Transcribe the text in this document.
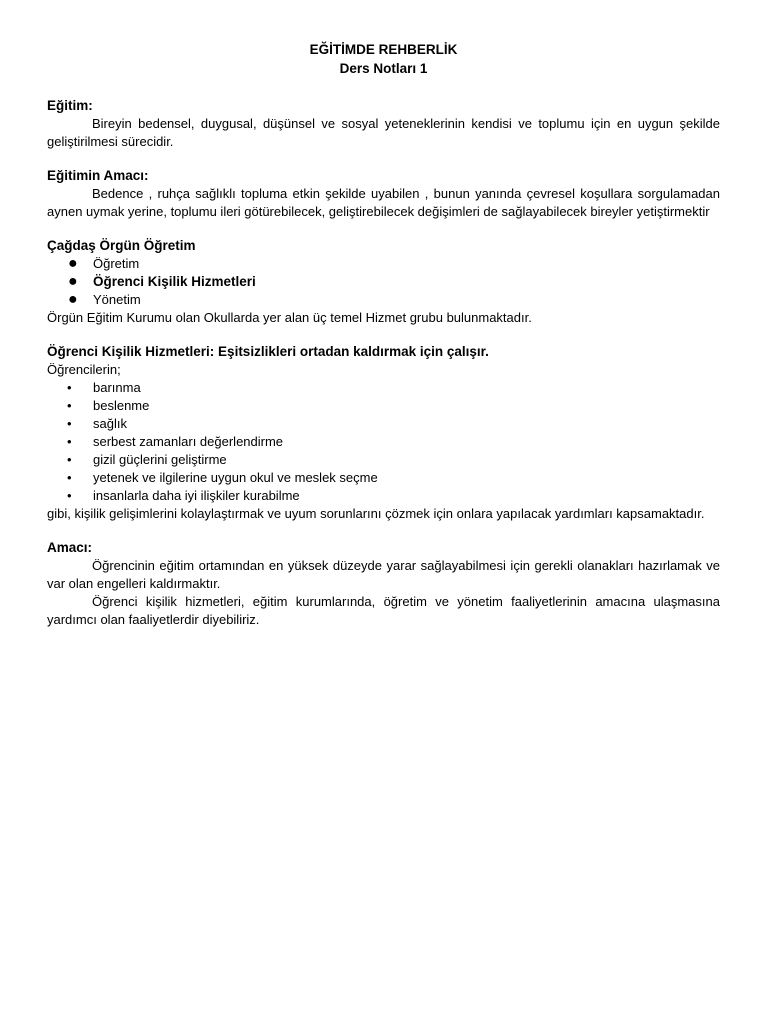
EĞİTİMDE REHBERLİK
Ders Notları 1
Eğitim:
Bireyin bedensel, duygusal, düşünsel ve sosyal yeteneklerinin kendisi ve toplumu için en uygun şekilde geliştirilmesi sürecidir.
Eğitimin Amacı:
Bedence , ruhça sağlıklı topluma etkin şekilde uyabilen , bunun yanında çevresel koşullara sorgulamadan aynen uymak yerine, toplumu ileri götürebilecek, geliştirebilecek değişimleri de sağlayabilecek bireyler yetiştirmektir
Çağdaş Örgün Öğretim
● Öğretim
● Öğrenci Kişilik Hizmetleri
● Yönetim
Örgün Eğitim Kurumu olan Okullarda yer alan üç temel Hizmet grubu bulunmaktadır.
Öğrenci Kişilik Hizmetleri: Eşitsizlikleri ortadan kaldırmak için çalışır.
Öğrencilerin;
• barınma
• beslenme
• sağlık
• serbest zamanları değerlendirme
• gizil güçlerini geliştirme
• yetenek ve ilgilerine uygun okul ve meslek seçme
• insanlarla daha iyi ilişkiler kurabilme
gibi, kişilik gelişimlerini kolaylaştırmak ve uyum sorunlarını çözmek için onlara yapılacak yardımları kapsamaktadır.
Amacı:
Öğrencinin eğitim ortamından en yüksek düzeyde yarar sağlayabilmesi için gerekli olanakları hazırlamak ve var olan engelleri kaldırmaktır.
Öğrenci kişilik hizmetleri, eğitim kurumlarında, öğretim ve yönetim faaliyetlerinin amacına ulaşmasına yardımcı olan faaliyetlerdir diyebiliriz.
